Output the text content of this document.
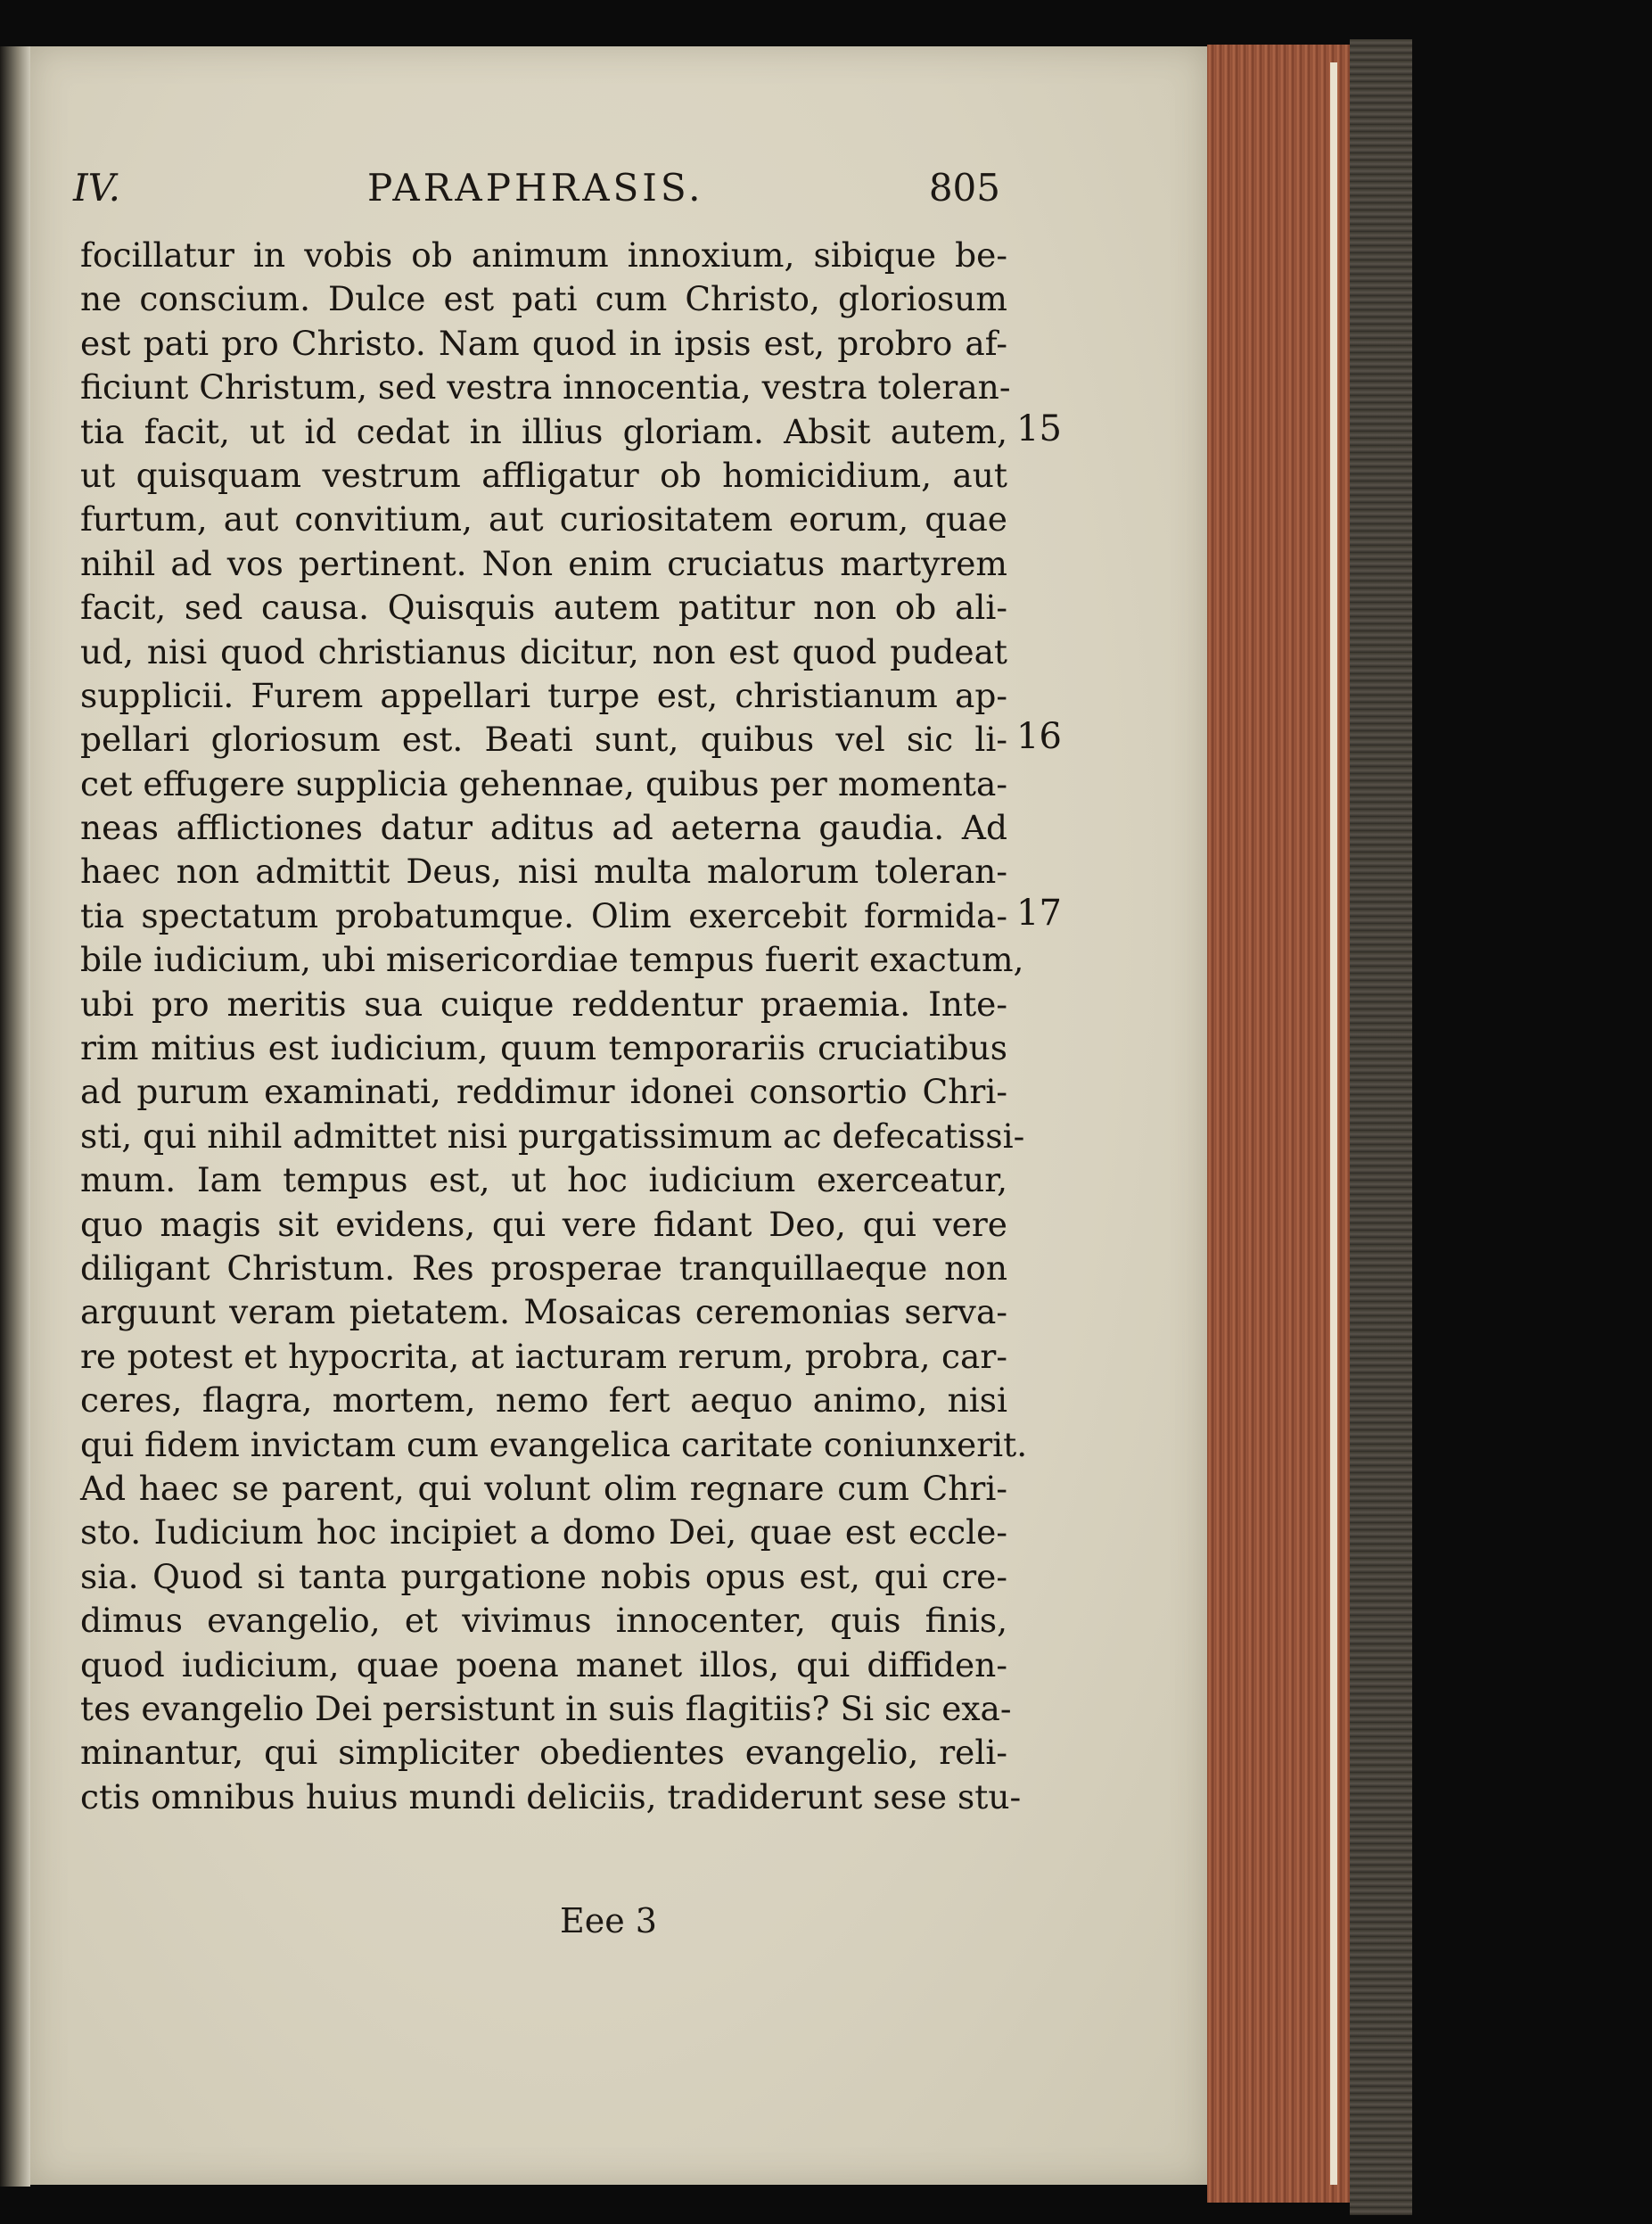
IV.	PARAPHRASIS.	805
focillatur in vobis ob animum innoxium, sibique be-
ne conscium. Dulce est pati cum Christo, gloriosum
est pati pro Christo. Nam quod in ipsis est, probro af-
ficiunt Christum, sed vestra innocentia, vestra toleran-
tia facit, ut id cedat in illius gloriam. Absit autem,
ut quisquam vestrum affligatur ob homicidium, aut
furtum, aut convitium, aut curiositatem eorum, quae
nihil ad vos pertinent. Non enim cruciatus martyrem
facit, sed causa. Quisquis autem patitur non ob ali-
ud, nisi quod christianus dicitur, non est quod pudeat
supplicii. Furem appellari turpe est, christianum ap-
pellari gloriosum est. Beati sunt, quibus vel sic li-
cet effugere supplicia gehennae, quibus per momenta-
neas afflictiones datur aditus ad aeterna gaudia. Ad
haec non admittit Deus, nisi multa malorum toleran-
tia spectatum probatumque. Olim exercebit formida-
bile iudicium, ubi misericordiae tempus fuerit exactum,
ubi pro meritis sua cuique reddentur praemia. Inte-
rim mitius est iudicium, quum temporariis cruciatibus
ad purum examinati, reddimur idonei consortio Chri-
sti, qui nihil admittet nisi purgatissimum ac defecatissi-
mum. Iam tempus est, ut hoc iudicium exerceatur,
quo magis sit evidens, qui vere fidant Deo, qui vere
diligant Christum. Res prosperae tranquillaeque non
arguunt veram pietatem. Mosaicas ceremonias serva-
re potest et hypocrita, at iacturam rerum, probra, car-
ceres, flagra, mortem, nemo fert aequo animo, nisi
qui fidem invictam cum evangelica caritate coniunxerit.
Ad haec se parent, qui volunt olim regnare cum Chri-
sto. Iudicium hoc incipiet a domo Dei, quae est eccle-
sia. Quod si tanta purgatione nobis opus est, qui cre-
dimus evangelio, et vivimus innocenter, quis finis,
quod iudicium, quae poena manet illos, qui diffiden-
tes evangelio Dei persistunt in suis flagitiis? Si sic exa-
minantur, qui simpliciter obedientes evangelio, reli-
ctis omnibus huius mundi deliciis, tradiderunt sese stu-
15
16
17
Eee 3
